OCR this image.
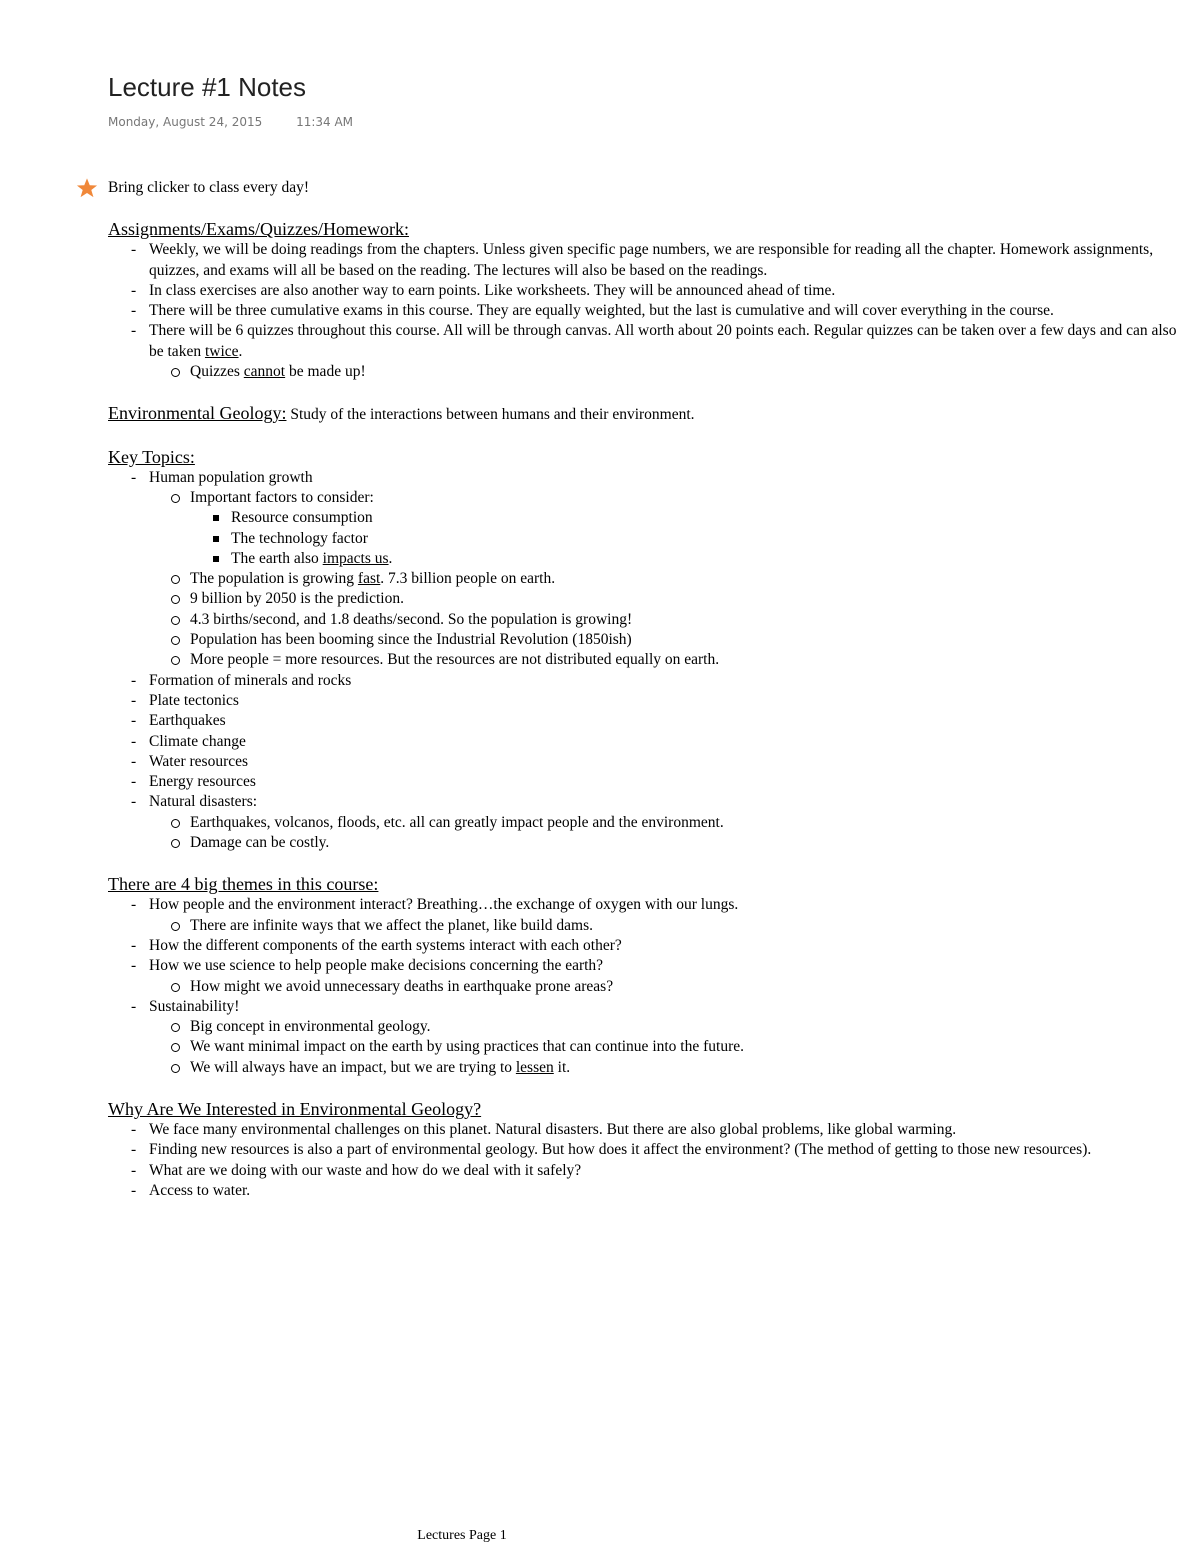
Lecture #1 Notes
Monday, August 24, 2015	11:34 AM
Bring clicker to class every day!
Assignments/Exams/Quizzes/Homework:
- Weekly, we will be doing readings from the chapters. Unless given specific page numbers, we are responsible for reading all the chapter. Homework assignments, quizzes, and exams will all be based on the reading. The lectures will also be based on the readings.
- In class exercises are also another way to earn points. Like worksheets. They will be announced ahead of time.
- There will be three cumulative exams in this course. They are equally weighted, but the last is cumulative and will cover everything in the course.
- There will be 6 quizzes throughout this course. All will be through canvas. All worth about 20 points each. Regular quizzes can be taken over a few days and can also be taken twice.
Quizzes cannot be made up!
Environmental Geology: Study of the interactions between humans and their environment.
Key Topics:
- Human population growth
Important factors to consider:
Resource consumption
The technology factor
The earth also impacts us.
The population is growing fast. 7.3 billion people on earth.
9 billion by 2050 is the prediction.
4.3 births/second, and 1.8 deaths/second. So the population is growing!
Population has been booming since the Industrial Revolution (1850ish)
More people = more resources. But the resources are not distributed equally on earth.
- Formation of minerals and rocks
- Plate tectonics
- Earthquakes
- Climate change
- Water resources
- Energy resources
- Natural disasters:
Earthquakes, volcanos, floods, etc. all can greatly impact people and the environment.
Damage can be costly.
There are 4 big themes in this course:
- How people and the environment interact? Breathing…the exchange of oxygen with our lungs.
There are infinite ways that we affect the planet, like build dams.
- How the different components of the earth systems interact with each other?
- How we use science to help people make decisions concerning the earth?
How might we avoid unnecessary deaths in earthquake prone areas?
- Sustainability!
Big concept in environmental geology.
We want minimal impact on the earth by using practices that can continue into the future.
We will always have an impact, but we are trying to lessen it.
Why Are We Interested in Environmental Geology?
- We face many environmental challenges on this planet. Natural disasters. But there are also global problems, like global warming.
- Finding new resources is also a part of environmental geology. But how does it affect the environment? (The method of getting to those new resources).
- What are we doing with our waste and how do we deal with it safely?
- Access to water.
Lectures Page 1
